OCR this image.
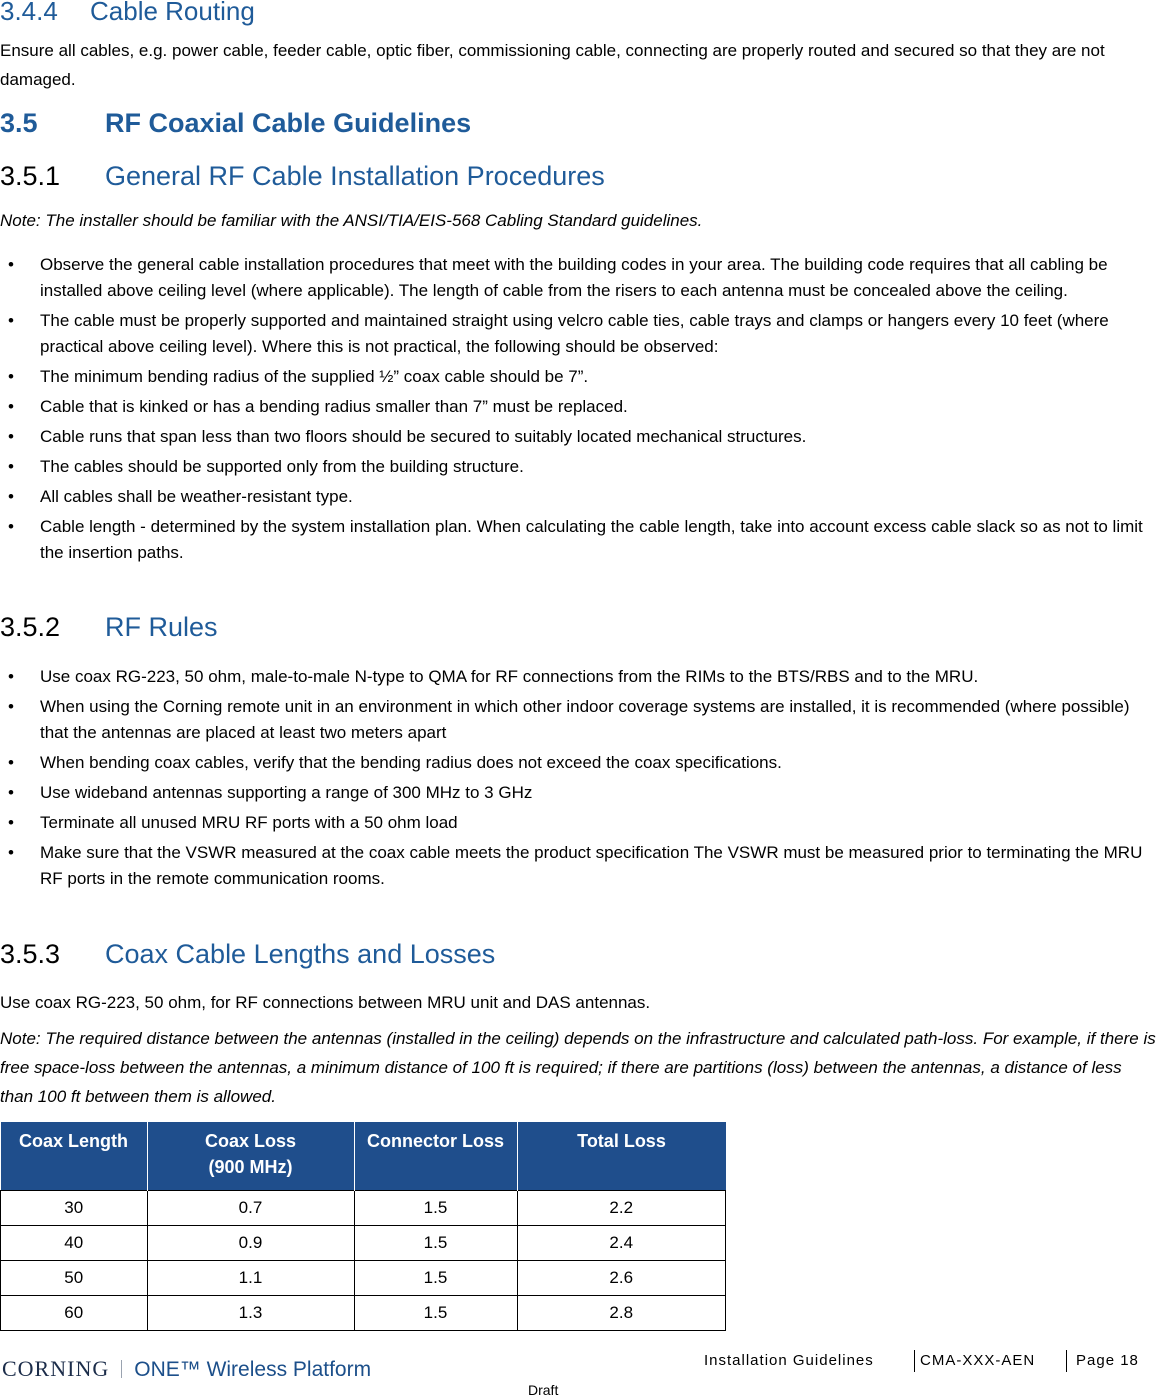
3.4.4 Cable Routing
Ensure all cables, e.g. power cable, feeder cable, optic fiber, commissioning cable, connecting are properly routed and secured so that they are not damaged.
3.5 RF Coaxial Cable Guidelines
3.5.1 General RF Cable Installation Procedures
Note: The installer should be familiar with the ANSI/TIA/EIS-568 Cabling Standard guidelines.
•	Observe the general cable installation procedures that meet with the building codes in your area. The building code requires that all cabling be installed above ceiling level (where applicable). The length of cable from the risers to each antenna must be concealed above the ceiling.
•	The cable must be properly supported and maintained straight using velcro cable ties, cable trays and clamps or hangers every 10 feet (where practical above ceiling level). Where this is not practical, the following should be observed:
•	The minimum bending radius of the supplied ½” coax cable should be 7”.
•	Cable that is kinked or has a bending radius smaller than 7” must be replaced.
•	Cable runs that span less than two floors should be secured to suitably located mechanical structures.
•	The cables should be supported only from the building structure.
•	All cables shall be weather-resistant type.
•	Cable length - determined by the system installation plan. When calculating the cable length, take into account excess cable slack so as not to limit the insertion paths.
3.5.2 RF Rules
•	Use coax RG-223, 50 ohm, male-to-male N-type to QMA for RF connections from the RIMs to the BTS/RBS and to the MRU.
•	When using the Corning remote unit in an environment in which other indoor coverage systems are installed, it is recommended (where possible) that the antennas are placed at least two meters apart
•	When bending coax cables, verify that the bending radius does not exceed the coax specifications.
•	Use wideband antennas supporting a range of 300 MHz to 3 GHz
•	Terminate all unused MRU RF ports with a 50 ohm load
•	Make sure that the VSWR measured at the coax cable meets the product specification The VSWR must be measured prior to terminating the MRU RF ports in the remote communication rooms.
3.5.3 Coax Cable Lengths and Losses
Use coax RG-223, 50 ohm, for RF connections between MRU unit and DAS antennas.
Note: The required distance between the antennas (installed in the ceiling) depends on the infrastructure and calculated path-loss. For example, if there is free space-loss between the antennas, a minimum distance of 100 ft is required; if there are partitions (loss) between the antennas, a distance of less than 100 ft between them is allowed.
Coax Length	Coax Loss
(900 MHz)	Connector Loss	Total Loss
30	0.7	1.5	2.2
40	0.9	1.5	2.4
50	1.1	1.5	2.6
60	1.3	1.5	2.8
CORNING ONE™ Wireless Platform	Installation Guidelines	CMA-XXX-AEN	Page 18
Draft
